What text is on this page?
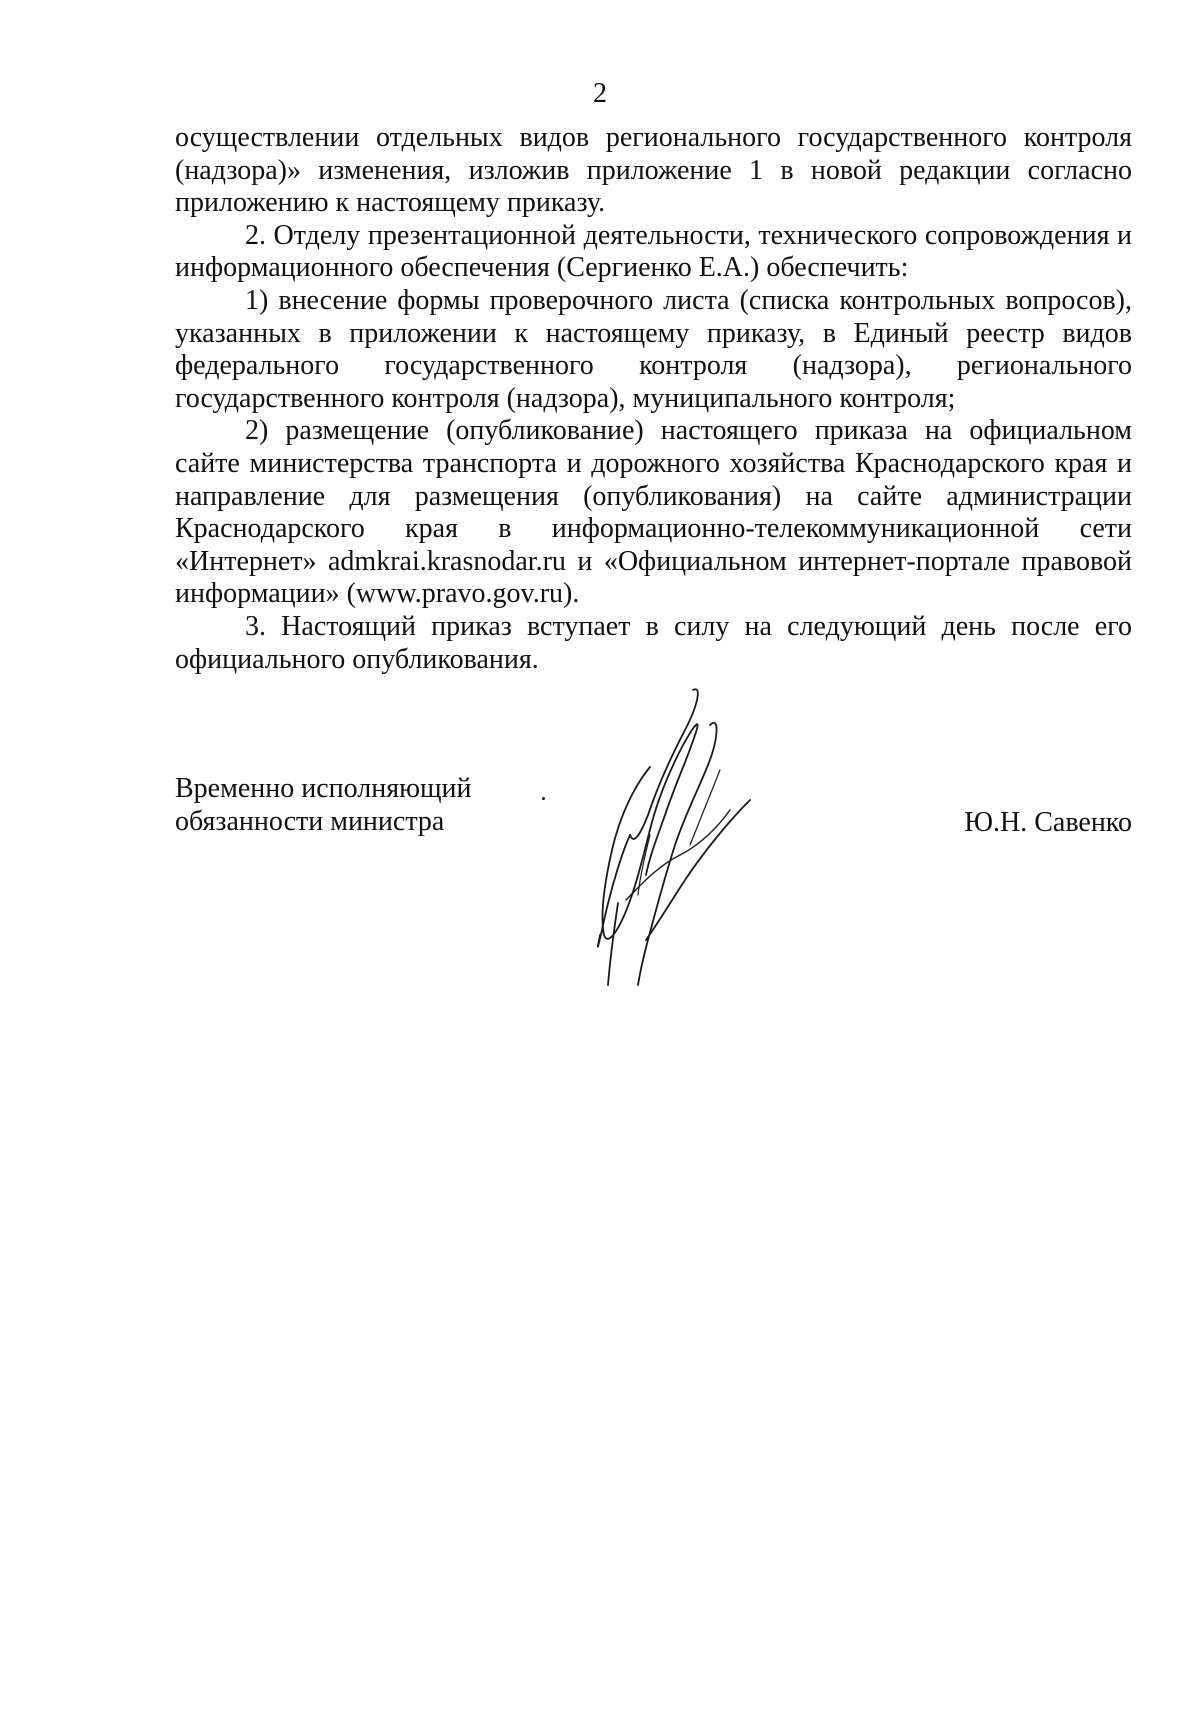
2

осуществлении отдельных видов регионального государственного контроля (надзора)» изменения, изложив приложение 1 в новой редакции согласно приложению к настоящему приказу.

2. Отделу презентационной деятельности, технического сопровождения и информационного обеспечения (Сергиенко Е.А.) обеспечить:

1) внесение формы проверочного листа (списка контрольных вопросов), указанных в приложении к настоящему приказу, в Единый реестр видов федерального государственного контроля (надзора), регионального государственного контроля (надзора), муниципального контроля;

2) размещение (опубликование) настоящего приказа на официальном сайте министерства транспорта и дорожного хозяйства Краснодарского края и направление для размещения (опубликования) на сайте администрации Краснодарского края в информационно-телекоммуникационной сети «Интернет» admkrai.krasnodar.ru и «Официальном интернет-портале правовой информации» (www.pravo.gov.ru).

3. Настоящий приказ вступает в силу на следующий день после его официального опубликования.

Временно исполняющий
обязанности министра	Ю.Н. Савенко
